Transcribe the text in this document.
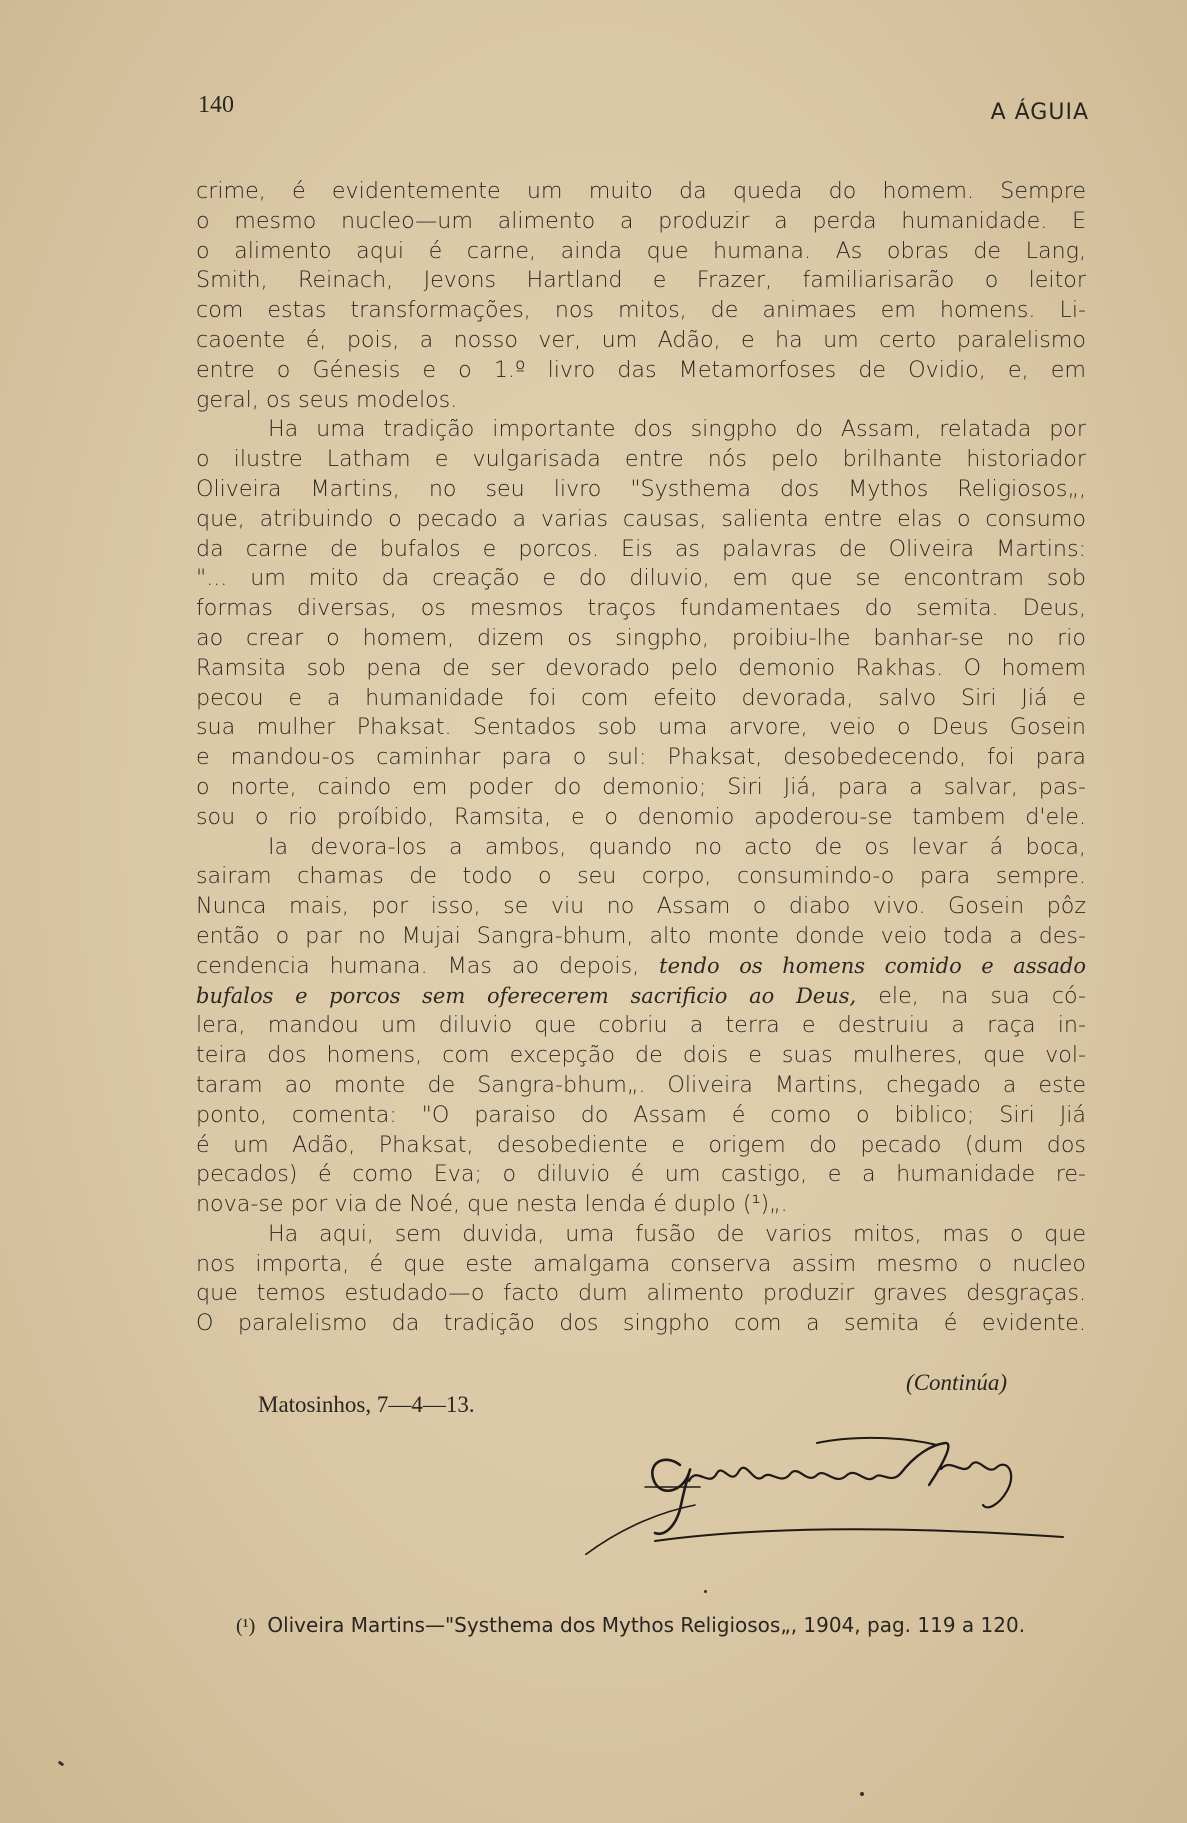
140	A ÁGUIA
crime, é evidentemente um muito da queda do homem. Sempre
o mesmo nucleo—um alimento a produzir a perda humanidade. E
o alimento aqui é carne, ainda que humana. As obras de Lang,
Smith, Reinach, Jevons Hartland e Frazer, familiarisarão o leitor
com estas transformações, nos mitos, de animaes em homens. Li-
caoente é, pois, a nosso ver, um Adão, e ha um certo paralelismo
entre o Génesis e o 1.º livro das Metamorfoses de Ovidio, e, em
geral, os seus modelos.
Ha uma tradição importante dos singpho do Assam, relatada por
o ilustre Latham e vulgarisada entre nós pelo brilhante historiador
Oliveira Martins, no seu livro "Systhema dos Mythos Religiosos„,
que, atribuindo o pecado a varias causas, salienta entre elas o consumo
da carne de bufalos e porcos. Eis as palavras de Oliveira Martins:
"... um mito da creação e do diluvio, em que se encontram sob
formas diversas, os mesmos traços fundamentaes do semita. Deus,
ao crear o homem, dizem os singpho, proibiu-lhe banhar-se no rio
Ramsita sob pena de ser devorado pelo demonio Rakhas. O homem
pecou e a humanidade foi com efeito devorada, salvo Siri Jiá e
sua mulher Phaksat. Sentados sob uma arvore, veio o Deus Gosein
e mandou-os caminhar para o sul: Phaksat, desobedecendo, foi para
o norte, caindo em poder do demonio; Siri Jiá, para a salvar, pas-
sou o rio proíbido, Ramsita, e o denomio apoderou-se tambem d'ele.
Ia devora-los a ambos, quando no acto de os levar á boca,
sairam chamas de todo o seu corpo, consumindo-o para sempre.
Nunca mais, por isso, se viu no Assam o diabo vivo. Gosein pôz
então o par no Mujai Sangra-bhum, alto monte donde veio toda a des-
cendencia humana. Mas ao depois, tendo os homens comido e assado
bufalos e porcos sem oferecerem sacrificio ao Deus, ele, na sua có-
lera, mandou um diluvio que cobriu a terra e destruiu a raça in-
teira dos homens, com excepção de dois e suas mulheres, que vol-
taram ao monte de Sangra-bhum„. Oliveira Martins, chegado a este
ponto, comenta: "O paraiso do Assam é como o biblico; Siri Jiá
é um Adão, Phaksat, desobediente e origem do pecado (dum dos
pecados) é como Eva; o diluvio é um castigo, e a humanidade re-
nova-se por via de Noé, que nesta lenda é duplo (¹)„.
Ha aqui, sem duvida, uma fusão de varios mitos, mas o que
nos importa, é que este amalgama conserva assim mesmo o nucleo
que temos estudado—o facto dum alimento produzir graves desgraças.
O paralelismo da tradição dos singpho com a semita é evidente.
(Continúa)
Matosinhos, 7—4—13.
(¹) Oliveira Martins—"Systhema dos Mythos Religiosos„, 1904, pag. 119 a 120.
